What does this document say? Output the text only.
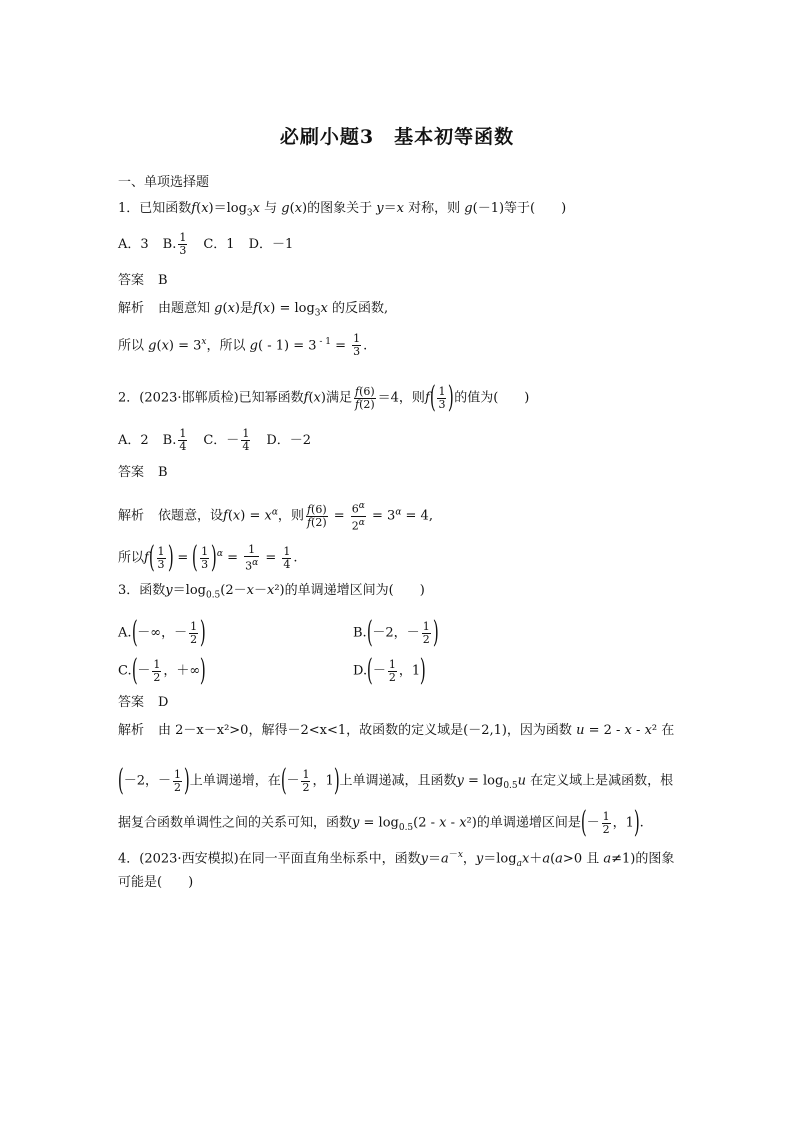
必刷小题3　基本初等函数
一、单项选择题
1．已知函数$f(x)=\log_3x$ 与 g(x)的图象关于 y＝x 对称，则 g(－1)等于( )
A．3 B. $\frac{1}{3}$ C．1 D．－1
答案 B
解析 由题意知 g(x)是$f(x) = \log_3x$ 的反函数,
所以 $g(x) = 3^x$，所以 g( - 1) = 3 $^{- 1} = \frac{1}{3}$ .
2．(2023·邯郸质检)已知幂函数f(x)满足 $\frac{f(6)}{f(2)} =4$，则$f( \frac{1}{3}$ )的值为( )
A．2 B. $\frac{1}{4}$ C．－ $\frac{1}{4}$ D．－2
答案 B
解析 依题意，设$f(x) = x^\alpha$，则 $\frac{f(6)}{f(2)} = \frac{6^\alpha}{2^\alpha} = 3^\alpha = 4$,
所以$f( \frac{1}{3}$ ) = ( $\frac{1}{3} )^\alpha = \frac{1}{3^\alpha} = \frac{1}{4}$ .
3．函数$y=\log_{0.5}(2-x-x^2)$的单调递增区间为( )
A.(－∞，－ $\frac{1}{2}$ )	B.(－2，－ $\frac{1}{2}$ )
$C.(- \frac{1}{2}$ ，＋∞)	$D.(- \frac{1}{2}$ ，1)
答案 D
解析 由 2－x－x²>0，解得－2<x<1，故函数的定义域是(－2,1)，因为函数 u = 2 - x - x² 在
(－2，－ $\frac{1}{2}$ )上单调递增，在(－ $\frac{1}{2}$ ，1)上单调递减，且函数$y = \log_{0.5}u$ 在定义域上是减函数，根
据复合函数单调性之间的关系可知，函数$y = \log_{0.5}(2 - x - x^2)$的单调递增区间是(－ $\frac{1}{2}$ ，1).
4．(2023·西安模拟)在同一平面直角坐标系中，函数$y=a^{-x}$，$y=\log_ax+a(a>0$ 且 a≠1)的图象
可能是( )
